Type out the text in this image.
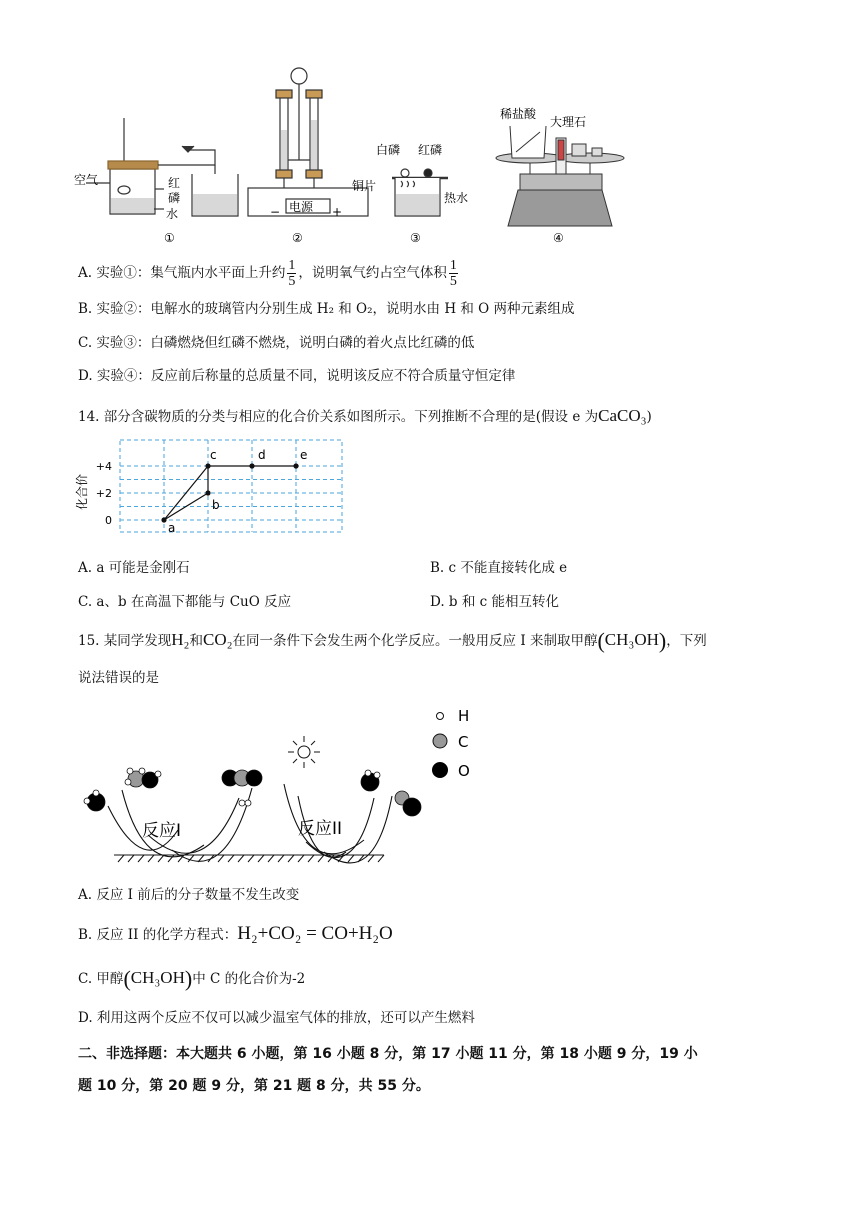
空气	红
磷
水
①
电源
−	+
②
白磷 红磷
铜片
热水
③
稀盐酸
大理石
④
A. 实验①：集气瓶内水平面上升约 $\frac{1}{5}$ ，说明氧气约占空气体积 $\frac{1}{5}$
B. 实验②：电解水的玻璃管内分别生成 H₂ 和 O₂，说明水由 H 和 O 两种元素组成
C. 实验③：白磷燃烧但红磷不燃烧，说明白磷的着火点比红磷的低
D. 实验④：反应前后称量的总质量不同，说明该反应不符合质量守恒定律
14. 部分含碳物质的分类与相应的化合价关系如图所示。下列推断不合理的是(假设 e 为CaCO₃)
化合价
+4
+2
0
a
b
c	d	e
A. a 可能是金刚石	B. c 不能直接转化成 e
C. a、b 在高温下都能与 CuO 反应	D. b 和 c 能相互转化
15. 某同学发现H₂和CO₂在同一条件下会发生两个化学反应。一般用反应 I 来制取甲醇(CH₃OH)，下列
说法错误的是
H
C
O
反应I	反应II
A. 反应 I 前后的分子数量不发生改变
B. 反应 II 的化学方程式：H₂+CO₂ = CO+H₂O
C. 甲醇(CH₃OH)中 C 的化合价为-2
D. 利用这两个反应不仅可以减少温室气体的排放，还可以产生燃料
二、非选择题：本大题共 6 小题，第 16 小题 8 分，第 17 小题 11 分，第 18 小题 9 分，19 小
题 10 分，第 20 题 9 分，第 21 题 8 分，共 55 分。
